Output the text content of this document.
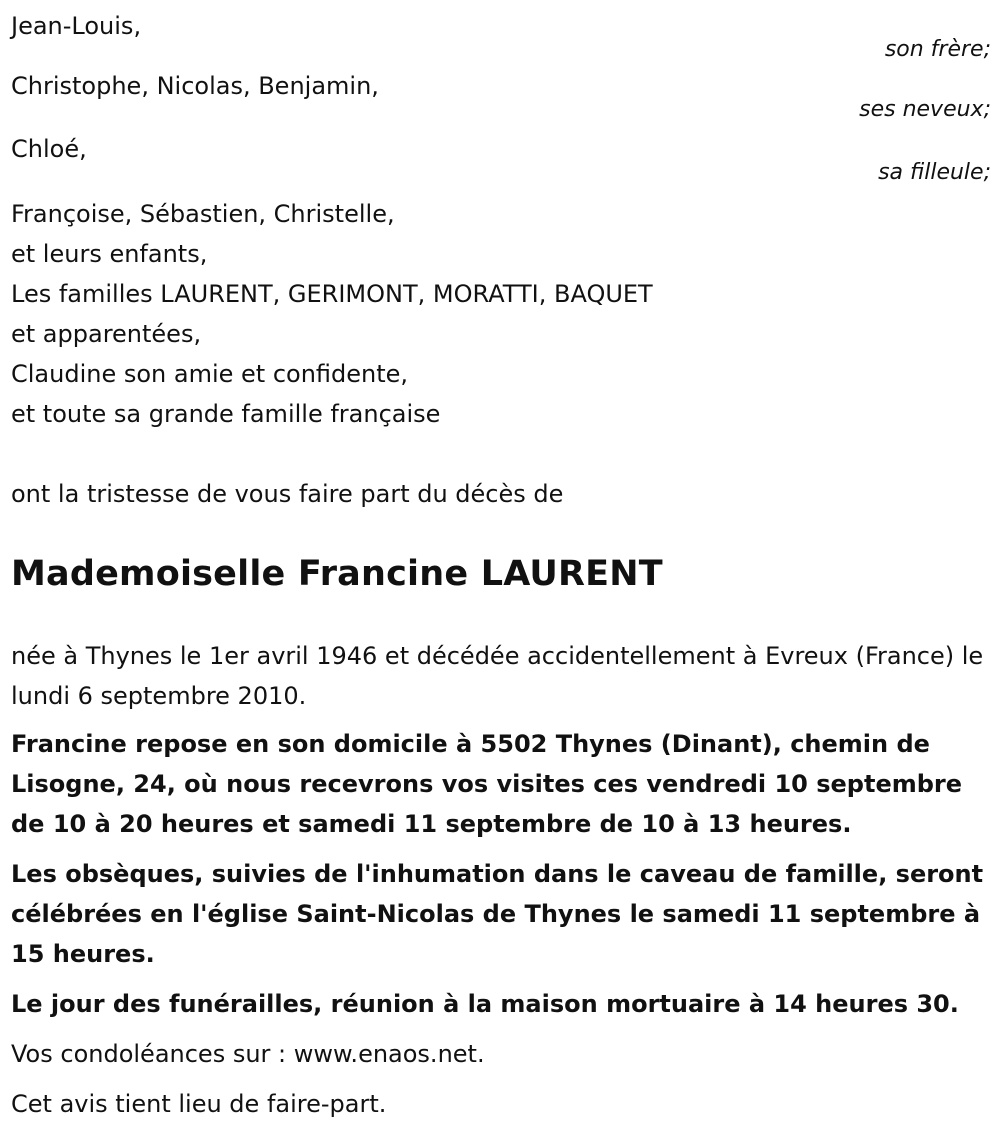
Jean-Louis,
son frère;
Christophe, Nicolas, Benjamin,
ses neveux;
Chloé,
sa filleule;
Françoise, Sébastien, Christelle,
et leurs enfants,
Les familles LAURENT, GERIMONT, MORATTI, BAQUET
et apparentées,
Claudine son amie et confidente,
et toute sa grande famille française
ont la tristesse de vous faire part du décès de
Mademoiselle Francine LAURENT
née à Thynes le 1er avril 1946 et décédée accidentellement à Evreux (France) le lundi 6 septembre 2010.
Francine repose en son domicile à 5502 Thynes (Dinant), chemin de Lisogne, 24, où nous recevrons vos visites ces vendredi 10 septembre de 10 à 20 heures et samedi 11 septembre de 10 à 13 heures.
Les obsèques, suivies de l'inhumation dans le caveau de famille, seront célébrées en l'église Saint-Nicolas de Thynes le samedi 11 septembre à 15 heures.
Le jour des funérailles, réunion à la maison mortuaire à 14 heures 30.
Vos condoléances sur : www.enaos.net.
Cet avis tient lieu de faire-part.
